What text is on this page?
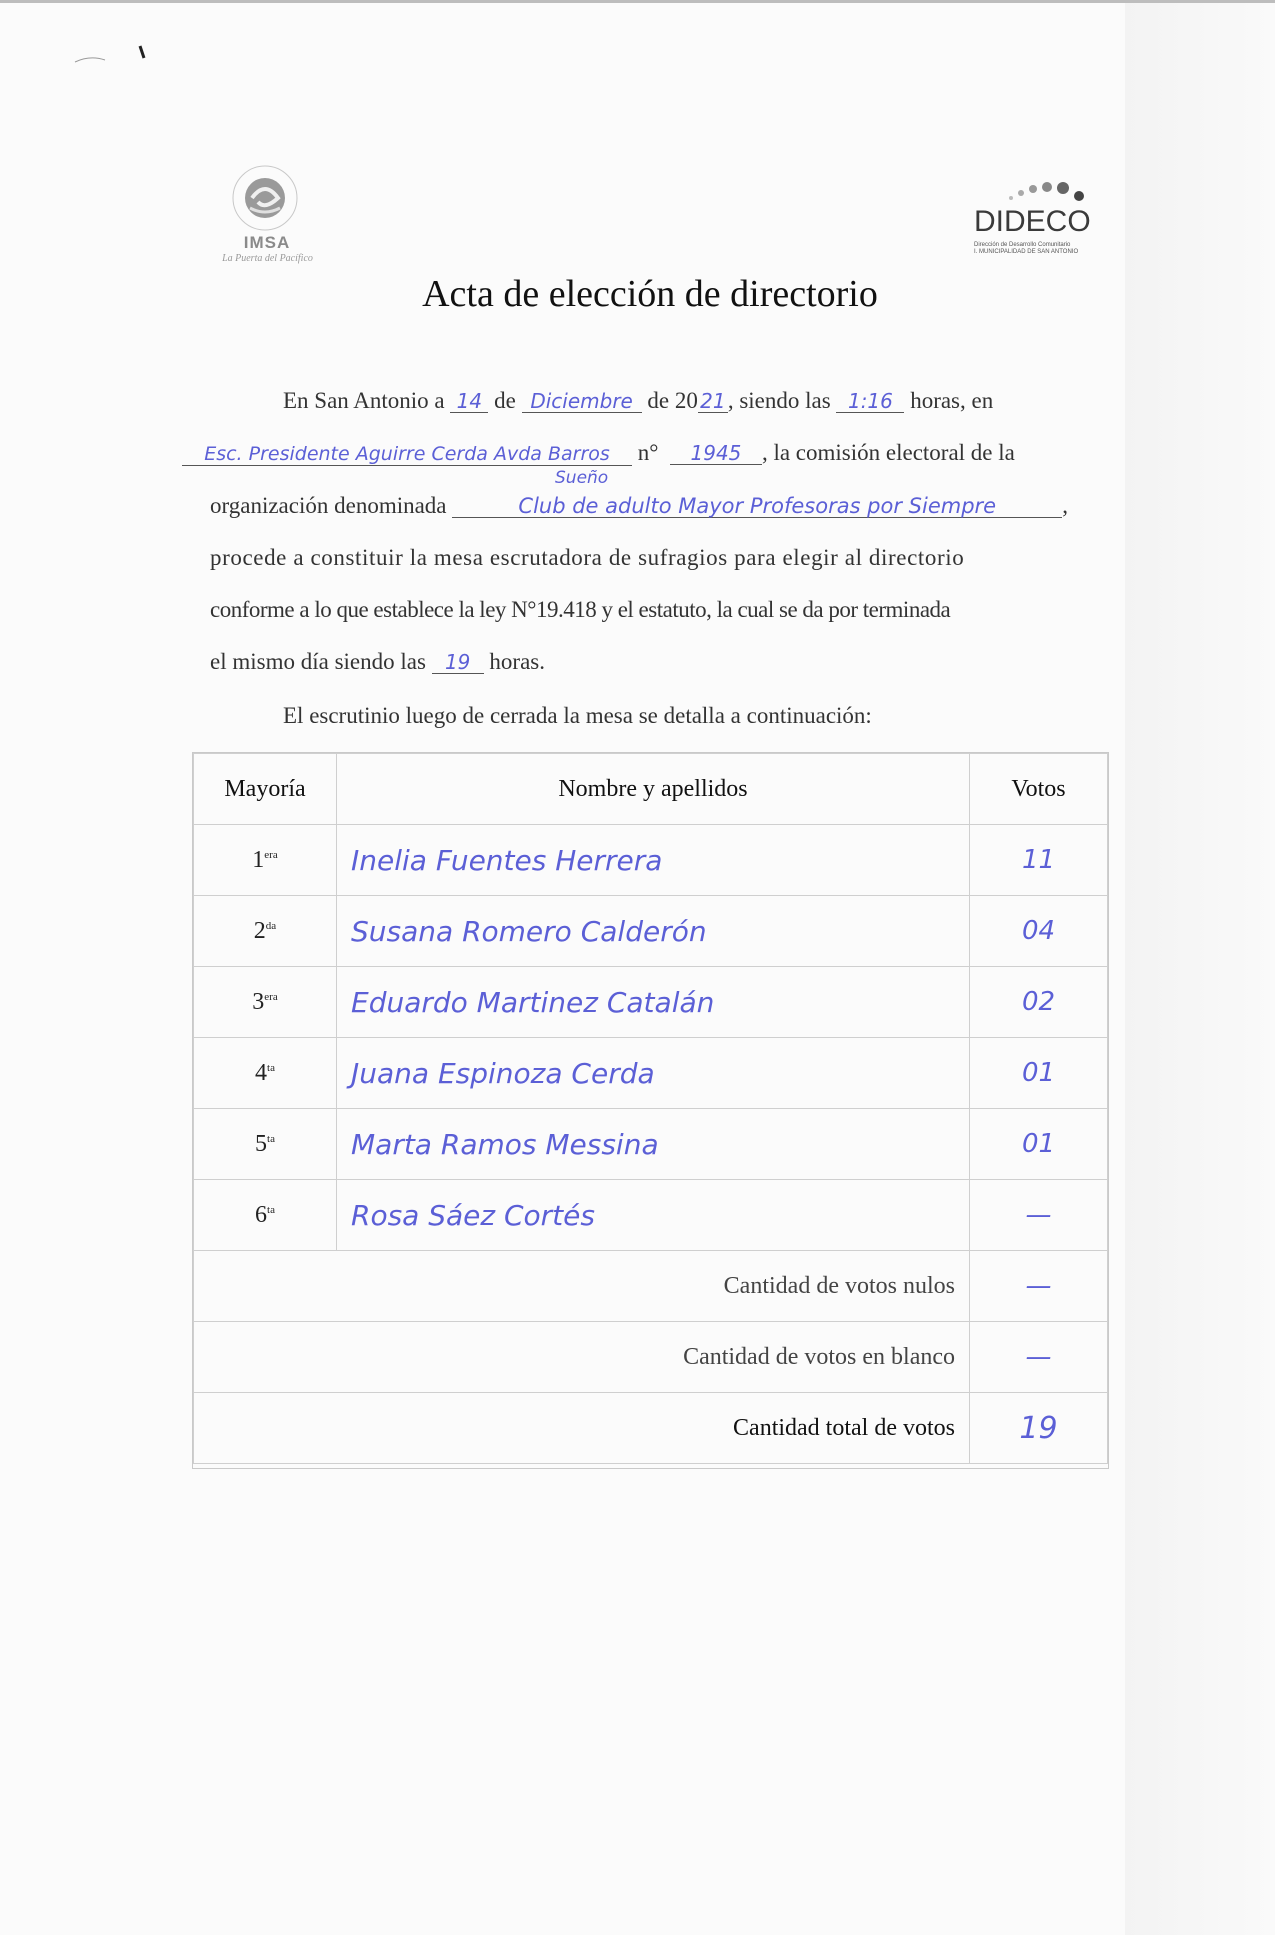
IMSA
La Puerta del Pacífico
DIDECO
Dirección de Desarrollo Comunitario
I. MUNICIPALIDAD DE SAN ANTONIO
Acta de elección de directorio
En San Antonio a 14 de Diciembre de 20 21, siendo las 1:16 horas, en
Esc. Presidente Aguirre Cerda Avda Barros n° 1945 , la comisión electoral de la
Sueño
organización denominada	Club de adulto Mayor Profesoras por Siempre	,
procede a constituir la mesa escrutadora de sufragios para elegir al directorio
conforme a lo que establece la ley N°19.418 y el estatuto, la cual se da por terminada
el mismo día siendo las 19 horas.
El escrutinio luego de cerrada la mesa se detalla a continuación:
Mayoría	Nombre y apellidos	Votos
$1^{era}$	Inelia Fuentes Herrera	11
$2^{da}$	Susana Romero Calderón	04
$3^{era}$	Eduardo Martinez Catalán	02
$4^{ta}$	Juana Espinoza Cerda	01
$5^{ta}$	Marta Ramos Messina	01
$6^{ta}$	Rosa Sáez Cortés	—
Cantidad de votos nulos		—
Cantidad de votos en blanco		—
Cantidad total de votos		19
